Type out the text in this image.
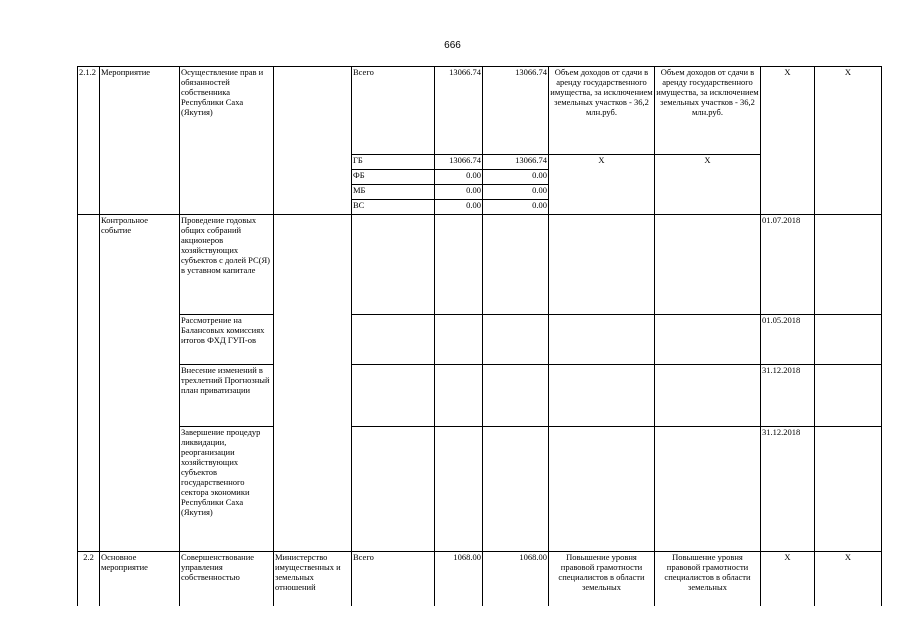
666
2.1.2	Мероприятие	Осуществление прав и обязанностей собственника Республики Саха (Якутия)		Всего	13066.74	13066.74	Объем доходов от сдачи в аренду государственного имущества, за исключением земельных участков - 36,2 млн.руб.	Объем доходов от сдачи в аренду государственного имущества, за исключением земельных участков - 36,2 млн.руб.	Х	Х
				ГБ	13066.74	13066.74	Х	Х		
				ФБ	0.00	0.00				
				МБ	0.00	0.00				
				ВС	0.00	0.00				
	Контрольное событие	Проведение годовых общих собраний акционеров хозяйствующих субъектов с долей РС(Я) в уставном капитале							01.07.2018	
		Рассмотрение на Балансовых комиссиях итогов ФХД ГУП-ов							01.05.2018	
		Внесение изменений в трехлетний Прогнозный план приватизации							31.12.2018	
		Завершение процедур ликвидации, реорганизации хозяйствующих субъектов государственного сектора экономики Республики Саха (Якутия)							31.12.2018	
2.2	Основное мероприятие	Совершенствование управления собственностью	Министерство имущественных и земельных отношений	Всего	1068.00	1068.00	Повышение уровня правовой грамотности специалистов в области земельных	Повышение уровня правовой грамотности специалистов в области земельных	Х	Х
